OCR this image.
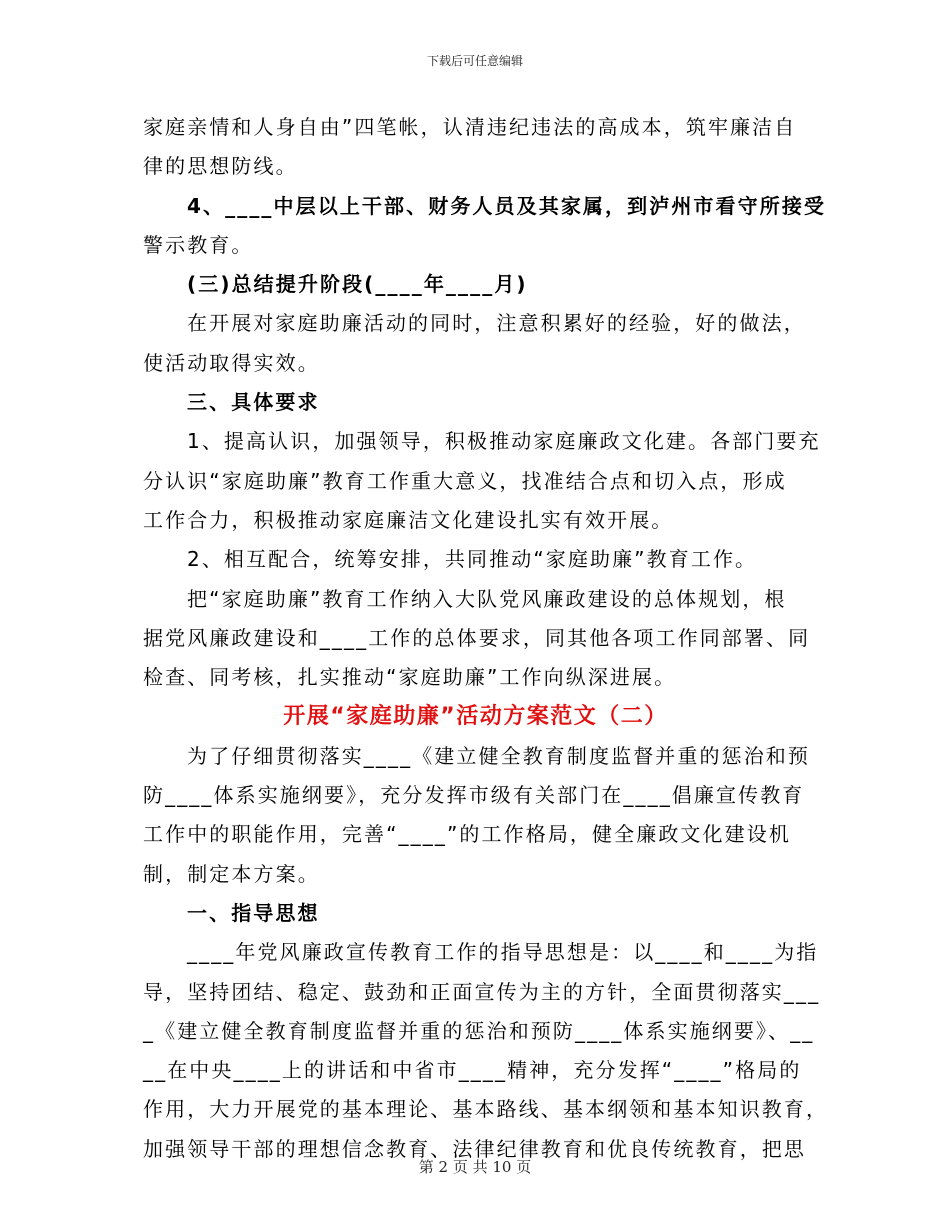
下载后可任意编辑
家庭亲情和人身自由”四笔帐，认清违纪违法的高成本，筑牢廉洁自
律的思想防线。
4、____中层以上干部、财务人员及其家属，到泸州市看守所接受
警示教育。
(三)总结提升阶段(____年____月)
在开展对家庭助廉活动的同时，注意积累好的经验，好的做法，
使活动取得实效。
三、具体要求
1、提高认识，加强领导，积极推动家庭廉政文化建。各部门要充
分认识“家庭助廉”教育工作重大意义，找准结合点和切入点，形成
工作合力，积极推动家庭廉洁文化建设扎实有效开展。
2、相互配合，统筹安排，共同推动“家庭助廉”教育工作。
把“家庭助廉”教育工作纳入大队党风廉政建设的总体规划，根
据党风廉政建设和____工作的总体要求，同其他各项工作同部署、同
检查、同考核，扎实推动“家庭助廉”工作向纵深进展。
开展“家庭助廉”活动方案范文（二）
为了仔细贯彻落实____《建立健全教育制度监督并重的惩治和预
防____体系实施纲要》，充分发挥市级有关部门在____倡廉宣传教育
工作中的职能作用，完善“____”的工作格局，健全廉政文化建设机
制，制定本方案。
一、指导思想
____年党风廉政宣传教育工作的指导思想是：以____和____为指
导，坚持团结、稳定、鼓劲和正面宣传为主的方针，全面贯彻落实___
_《建立健全教育制度监督并重的惩治和预防____体系实施纲要》、__
__在中央____上的讲话和中省市____精神，充分发挥“____”格局的
作用，大力开展党的基本理论、基本路线、基本纲领和基本知识教育，
加强领导干部的理想信念教育、法律纪律教育和优良传统教育，把思
第 2 页 共 10 页
